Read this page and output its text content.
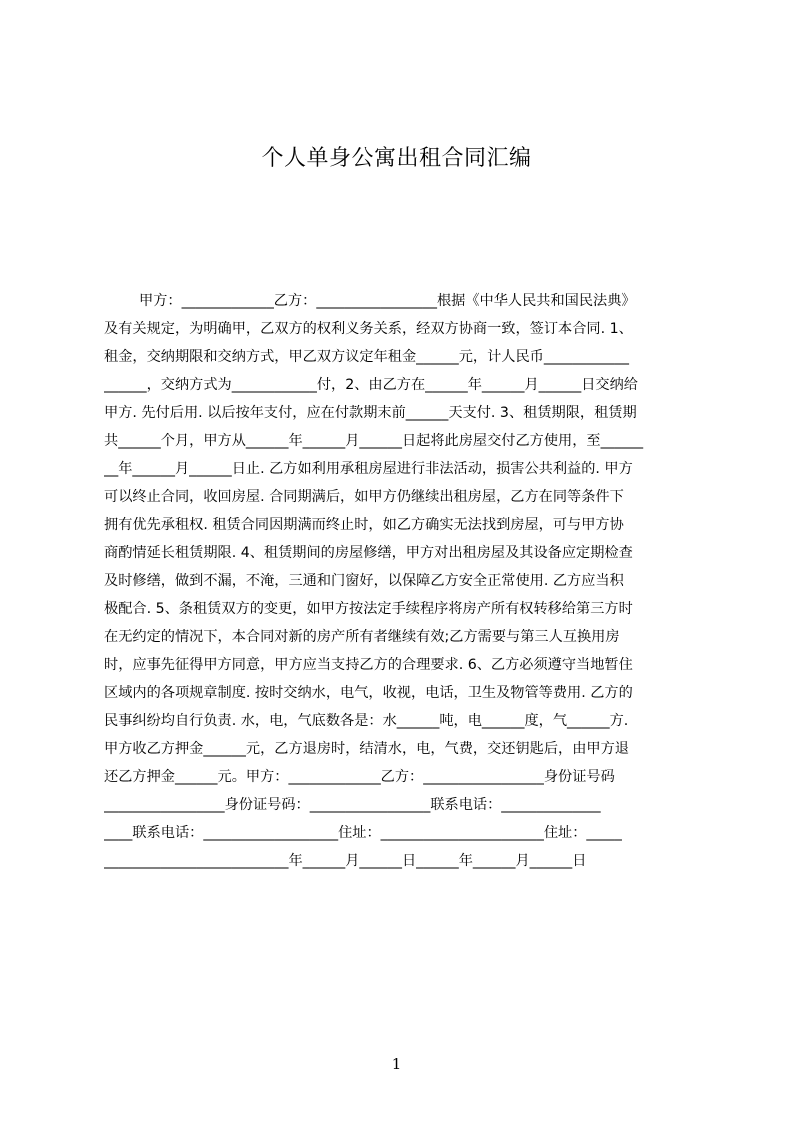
个人单身公寓出租合同汇编
甲方：_____________乙方：_________________根据《中华人民共和国民法典》
及有关规定，为明确甲，乙双方的权利义务关系，经双方协商一致，签订本合同. 1、
租金，交纳期限和交纳方式，甲乙双方议定年租金______元，计人民币____________
______，交纳方式为____________付，2、由乙方在______年______月______日交纳给
甲方. 先付后用. 以后按年支付，应在付款期末前______天支付. 3、租赁期限，租赁期
共______个月，甲方从______年______月______日起将此房屋交付乙方使用，至______
__年______月______日止. 乙方如利用承租房屋进行非法活动，损害公共利益的. 甲方
可以终止合同，收回房屋. 合同期满后，如甲方仍继续出租房屋，乙方在同等条件下
拥有优先承租权. 租赁合同因期满而终止时，如乙方确实无法找到房屋，可与甲方协
商酌情延长租赁期限. 4、租赁期间的房屋修缮，甲方对出租房屋及其设备应定期检查
及时修缮，做到不漏，不淹，三通和门窗好，以保障乙方安全正常使用. 乙方应当积
极配合. 5、条租赁双方的变更，如甲方按法定手续程序将房产所有权转移给第三方时
在无约定的情况下，本合同对新的房产所有者继续有效;乙方需要与第三人互换用房
时，应事先征得甲方同意，甲方应当支持乙方的合理要求. 6、乙方必须遵守当地暂住
区域内的各项规章制度. 按时交纳水，电气，收视，电话，卫生及物管等费用. 乙方的
民事纠纷均自行负责. 水，电，气底数各是：水______吨，电______度，气______方.
甲方收乙方押金______元，乙方退房时，结清水，电，气费，交还钥匙后，由甲方退
还乙方押金______元。甲方：_____________乙方：_________________身份证号码
_________________身份证号码：_________________联系电话：______________
____联系电话：___________________住址：_______________________住址：_____
__________________________年______月______日______年______月______日
1
